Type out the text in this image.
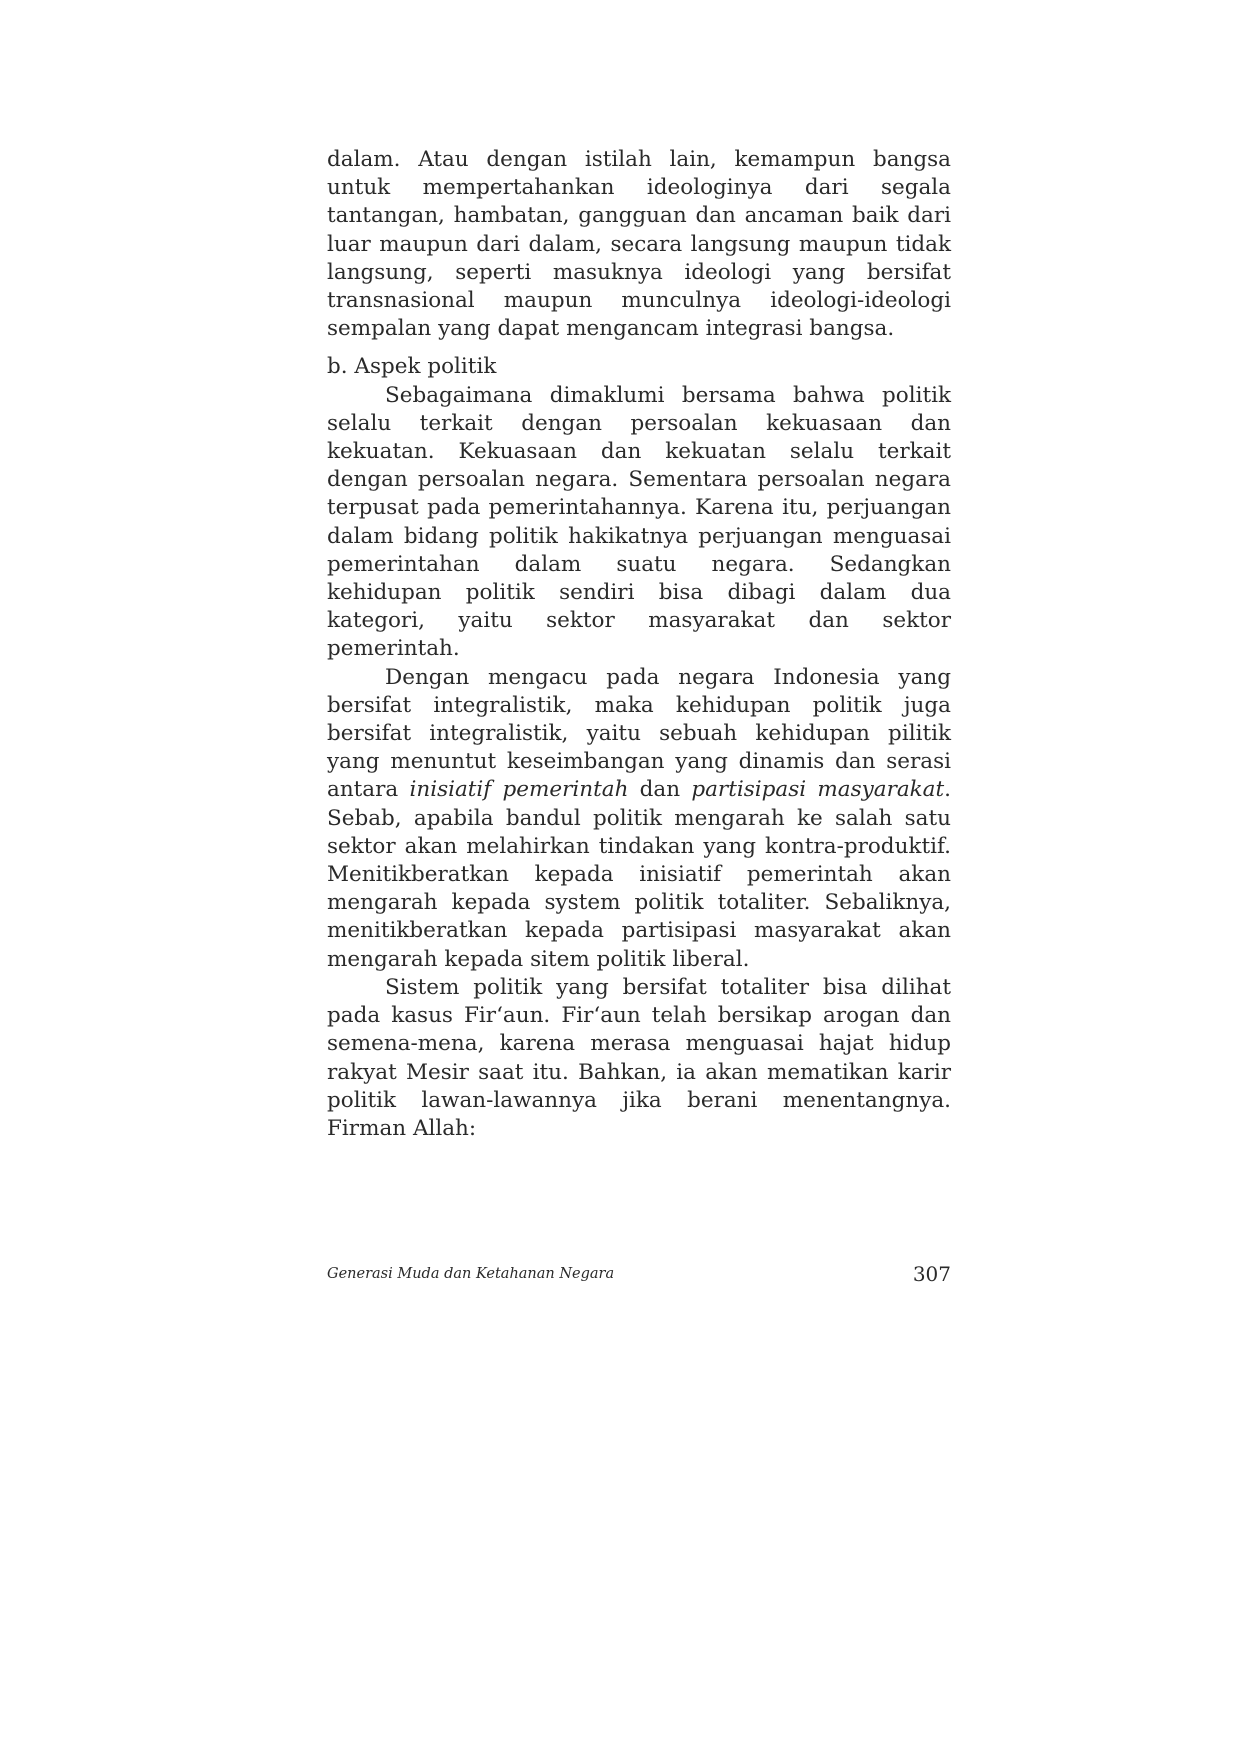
dalam. Atau dengan istilah lain, kemampun bangsa untuk mempertahankan ideologinya dari segala tantangan, hambatan, gangguan dan ancaman baik dari luar maupun dari dalam, secara langsung maupun tidak langsung, seperti masuknya ideologi yang bersifat transnasional maupun munculnya ideologi-ideologi sempalan yang dapat mengancam integrasi bangsa.

b. Aspek politik

Sebagaimana dimaklumi bersama bahwa politik selalu terkait dengan persoalan kekuasaan dan kekuatan. Kekuasaan dan kekuatan selalu terkait dengan persoalan negara. Sementara persoalan negara terpusat pada pemerintahannya. Karena itu, perjuangan dalam bidang politik hakikatnya perjuangan menguasai pemerintahan dalam suatu negara. Sedangkan kehidupan politik sendiri bisa dibagi dalam dua kategori, yaitu sektor masyarakat dan sektor pemerintah.

Dengan mengacu pada negara Indonesia yang bersifat integralistik, maka kehidupan politik juga bersifat integralistik, yaitu sebuah kehidupan pilitik yang menuntut keseimbangan yang dinamis dan serasi antara inisiatif pemerintah dan partisipasi masyarakat. Sebab, apabila bandul politik mengarah ke salah satu sektor akan melahirkan tindakan yang kontra-produktif. Menitikberatkan kepada inisiatif pemerintah akan mengarah kepada system politik totaliter. Sebaliknya, menitikberatkan kepada partisipasi masyarakat akan mengarah kepada sitem politik liberal.

Sistem politik yang bersifat totaliter bisa dilihat pada kasus Fir‘aun. Fir‘aun telah bersikap arogan dan semena-mena, karena merasa menguasai hajat hidup rakyat Mesir saat itu. Bahkan, ia akan mematikan karir politik lawan-lawannya jika berani menentangnya. Firman Allah:

Generasi Muda dan Ketahanan Negara	307
